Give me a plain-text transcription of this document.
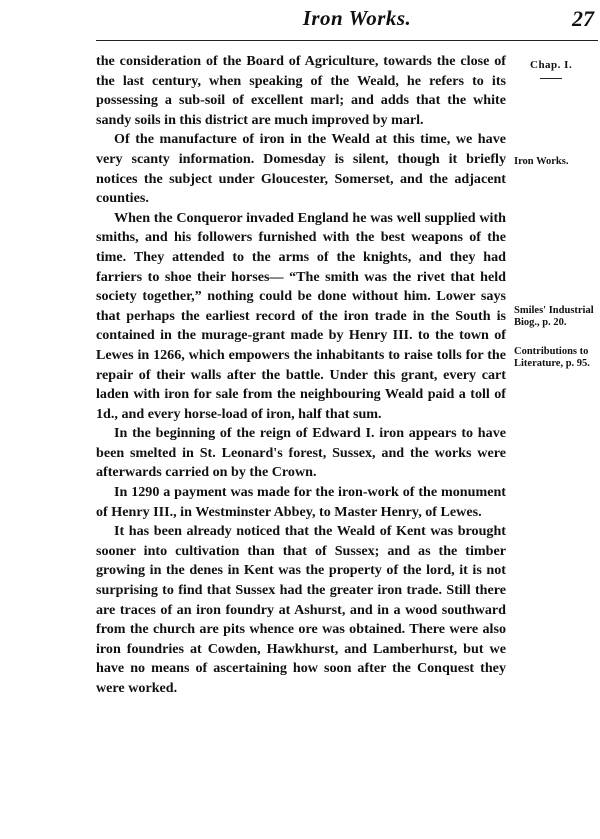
Iron Works.	27

the consideration of the Board of Agriculture, towards the close of the last century, when speaking of the Weald, he refers to its possessing a sub-soil of excellent marl; and adds that the white sandy soils in this district are much improved by marl.

Of the manufacture of iron in the Weald at this time, we have very scanty information. Domesday is silent, though it briefly notices the subject under Gloucester, Somerset, and the adjacent counties.

When the Conqueror invaded England he was well supplied with smiths, and his followers furnished with the best weapons of the time. They attended to the arms of the knights, and they had farriers to shoe their horses— “The smith was the rivet that held society together,” nothing could be done without him. Lower says that perhaps the earliest record of the iron trade in the South is contained in the murage-grant made by Henry III. to the town of Lewes in 1266, which empowers the inhabitants to raise tolls for the repair of their walls after the battle. Under this grant, every cart laden with iron for sale from the neighbouring Weald paid a toll of 1d., and every horse-load of iron, half that sum.

In the beginning of the reign of Edward I. iron appears to have been smelted in St. Leonard's forest, Sussex, and the works were afterwards carried on by the Crown.

In 1290 a payment was made for the iron-work of the monument of Henry III., in Westminster Abbey, to Master Henry, of Lewes.

It has been already noticed that the Weald of Kent was brought sooner into cultivation than that of Sussex; and as the timber growing in the denes in Kent was the property of the lord, it is not surprising to find that Sussex had the greater iron trade. Still there are traces of an iron foundry at Ashurst, and in a wood southward from the church are pits whence ore was obtained. There were also iron foundries at Cowden, Hawkhurst, and Lamberhurst, but we have no means of ascertaining how soon after the Conquest they were worked.

Chap. I.
Iron Works.
Smiles' Industrial Biog., p. 20.
Contributions to Literature, p. 95.
